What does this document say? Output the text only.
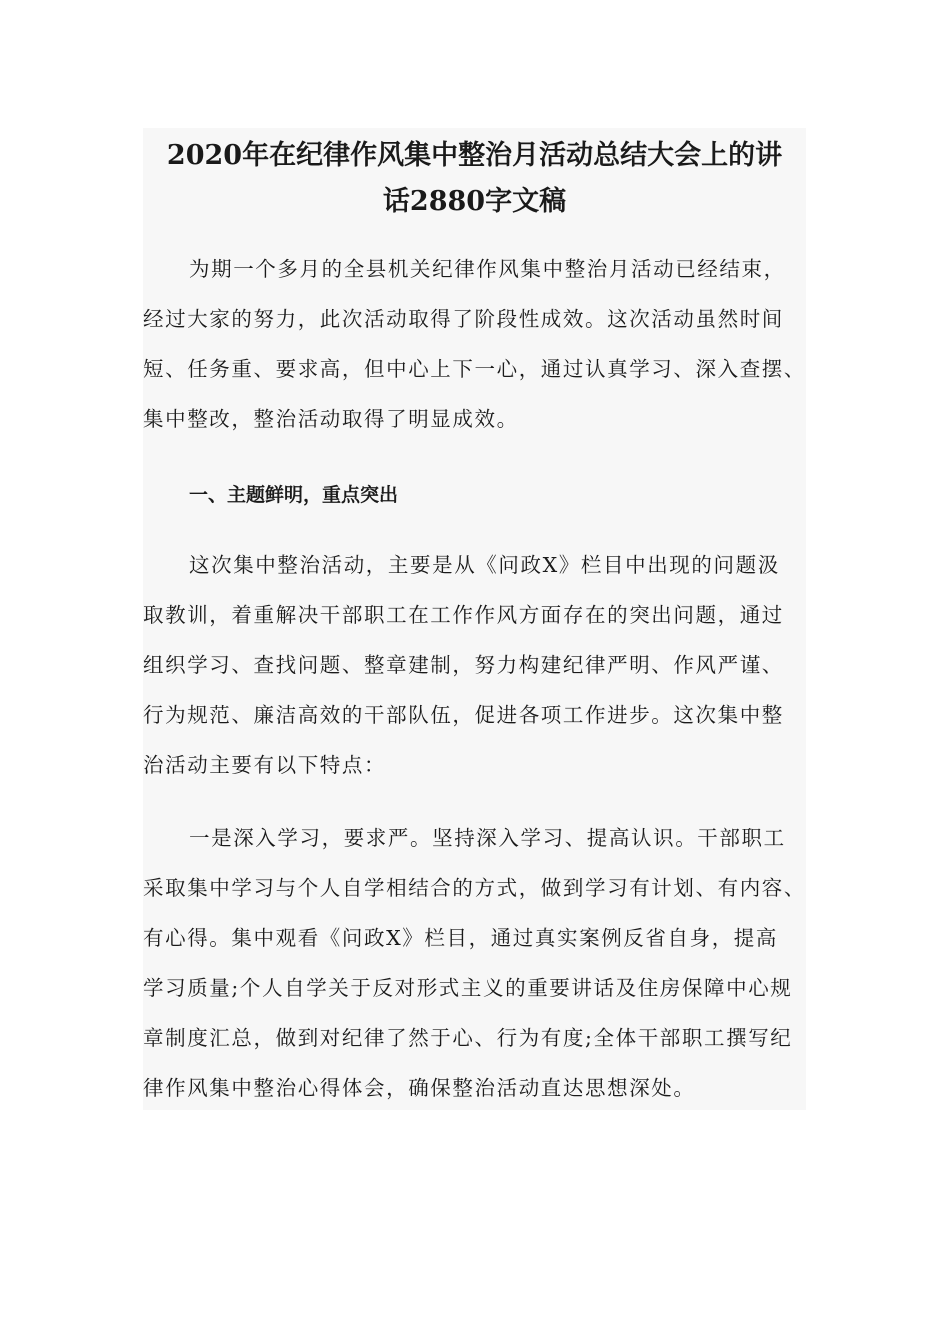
2020年在纪律作风集中整治月活动总结大会上的讲
话2880字文稿
为期一个多月的全县机关纪律作风集中整治月活动已经结束，
经过大家的努力，此次活动取得了阶段性成效。这次活动虽然时间
短、任务重、要求高，但中心上下一心，通过认真学习、深入查摆、
集中整改，整治活动取得了明显成效。
一、主题鲜明，重点突出
这次集中整治活动，主要是从《问政X》栏目中出现的问题汲
取教训，着重解决干部职工在工作作风方面存在的突出问题，通过
组织学习、查找问题、整章建制，努力构建纪律严明、作风严谨、
行为规范、廉洁高效的干部队伍，促进各项工作进步。这次集中整
治活动主要有以下特点：
一是深入学习，要求严。坚持深入学习、提高认识。干部职工
采取集中学习与个人自学相结合的方式，做到学习有计划、有内容、
有心得。集中观看《问政X》栏目，通过真实案例反省自身，提高
学习质量;个人自学关于反对形式主义的重要讲话及住房保障中心规
章制度汇总，做到对纪律了然于心、行为有度;全体干部职工撰写纪
律作风集中整治心得体会，确保整治活动直达思想深处。
